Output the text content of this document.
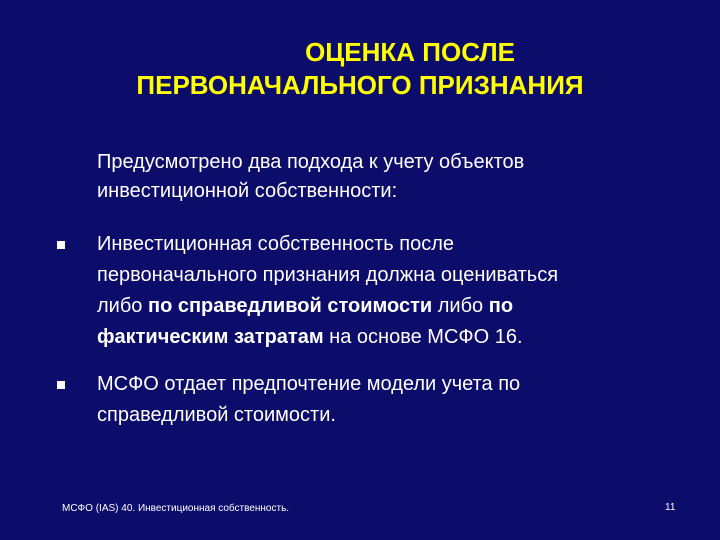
ОЦЕНКА ПОСЛЕ
ПЕРВОНАЧАЛЬНОГО ПРИЗНАНИЯ
Предусмотрено два подхода к учету объектов
инвестиционной собственности:
Инвестиционная собственность после
первоначального признания должна оцениваться
либо по справедливой стоимости либо по
фактическим затратам на основе МСФО 16.
МСФО отдает предпочтение модели учета по
справедливой стоимости.
МСФО (IAS) 40. Инвестиционная собственность.	11
